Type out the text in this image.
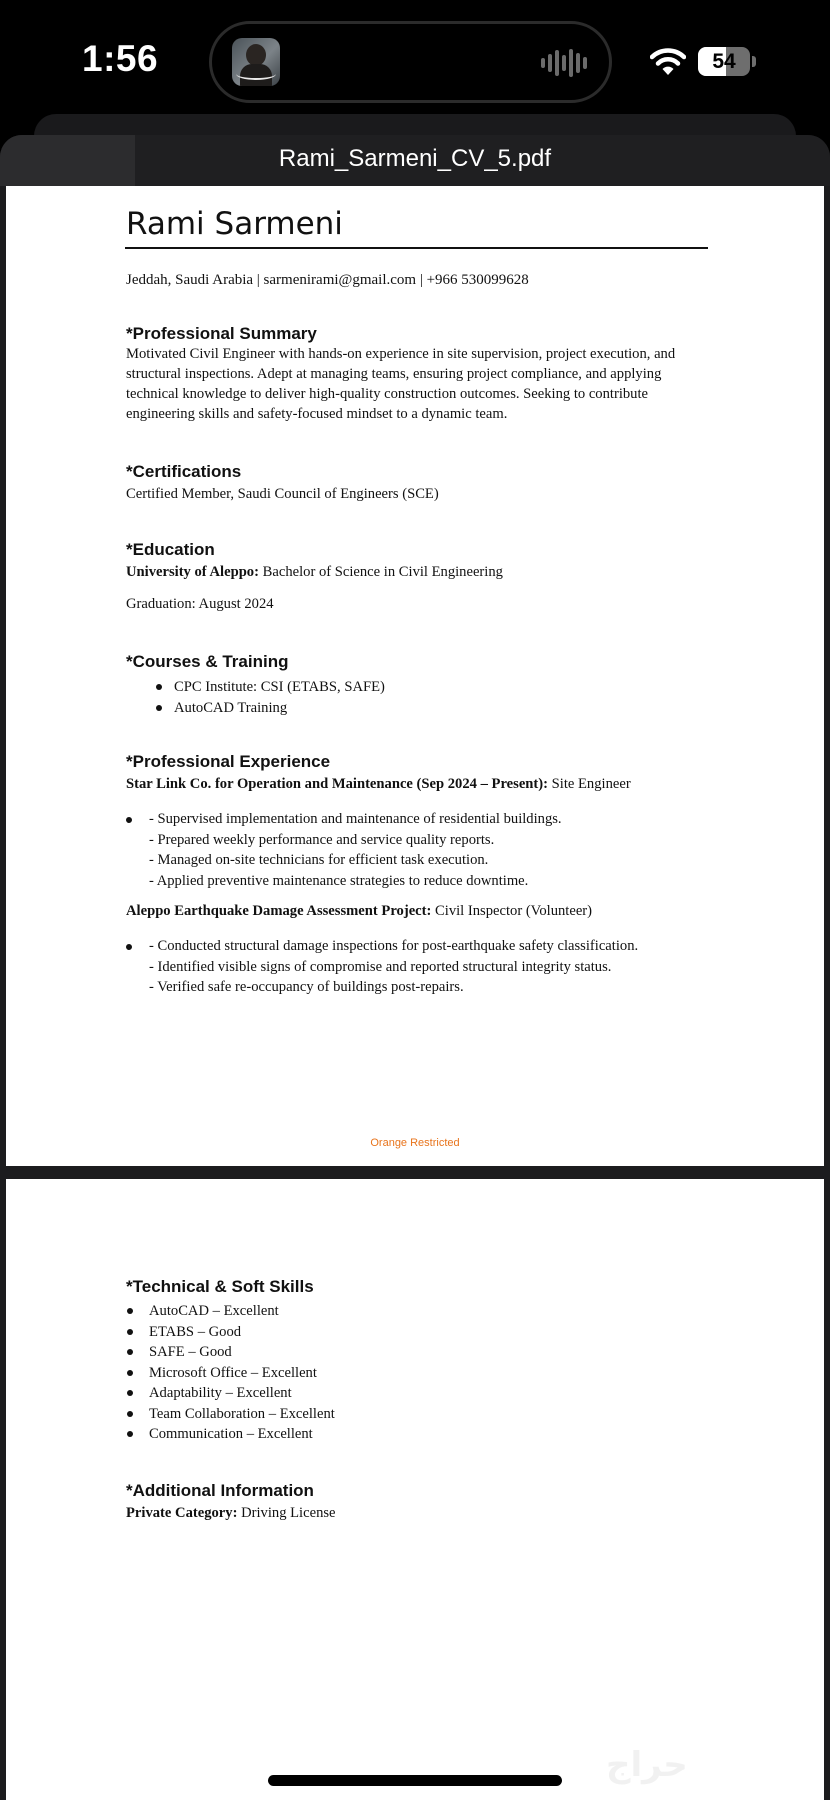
1:56	54
Rami_Sarmeni_CV_5.pdf
Rami Sarmeni
Jeddah, Saudi Arabia | sarmenirami@gmail.com | +966 530099628
*Professional Summary
Motivated Civil Engineer with hands-on experience in site supervision, project execution, and structural inspections. Adept at managing teams, ensuring project compliance, and applying technical knowledge to deliver high-quality construction outcomes. Seeking to contribute engineering skills and safety-focused mindset to a dynamic team.
*Certifications
Certified Member, Saudi Council of Engineers (SCE)
*Education
University of Aleppo: Bachelor of Science in Civil Engineering
Graduation: August 2024
*Courses & Training
CPC Institute: CSI (ETABS, SAFE)
AutoCAD Training
*Professional Experience
Star Link Co. for Operation and Maintenance (Sep 2024 – Present): Site Engineer
- Supervised implementation and maintenance of residential buildings.
- Prepared weekly performance and service quality reports.
- Managed on-site technicians for efficient task execution.
- Applied preventive maintenance strategies to reduce downtime.
Aleppo Earthquake Damage Assessment Project: Civil Inspector (Volunteer)
- Conducted structural damage inspections for post-earthquake safety classification.
- Identified visible signs of compromise and reported structural integrity status.
- Verified safe re-occupancy of buildings post-repairs.
Orange Restricted
*Technical & Soft Skills
AutoCAD – Excellent
ETABS – Good
SAFE – Good
Microsoft Office – Excellent
Adaptability – Excellent
Team Collaboration – Excellent
Communication – Excellent
*Additional Information
Private Category: Driving License
حراج
